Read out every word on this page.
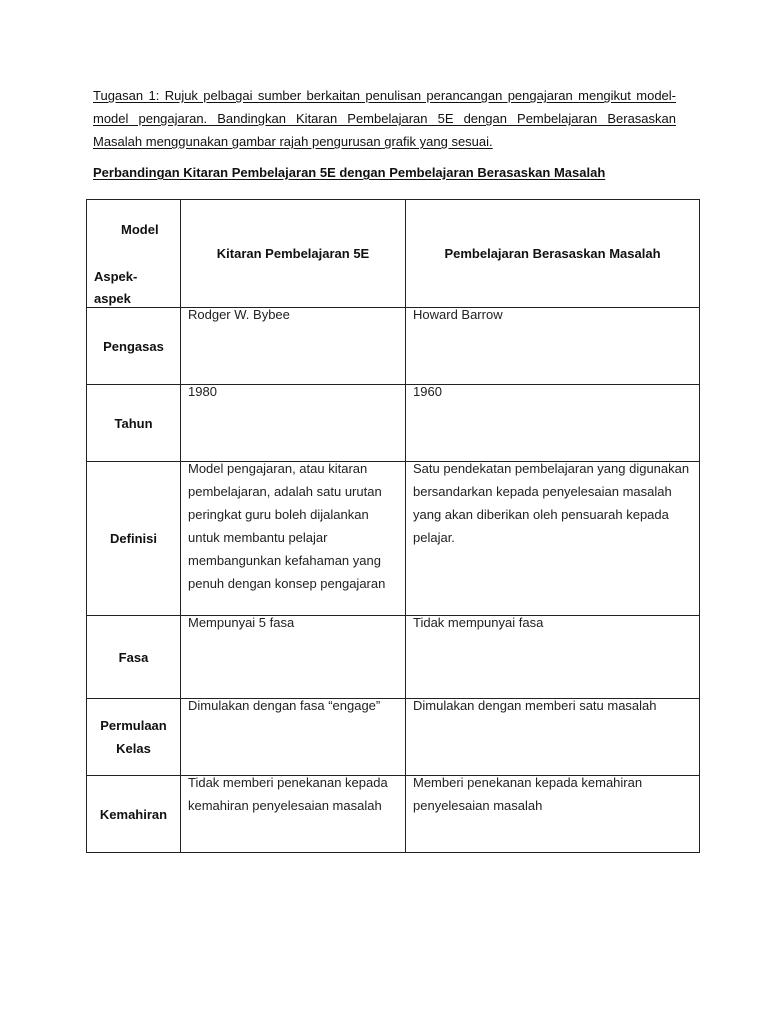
Tugasan 1: Rujuk pelbagai sumber berkaitan penulisan perancangan pengajaran mengikut model-model pengajaran. Bandingkan Kitaran Pembelajaran 5E dengan Pembelajaran Berasaskan Masalah menggunakan gambar rajah pengurusan grafik yang sesuai.

Perbandingan Kitaran Pembelajaran 5E dengan Pembelajaran Berasaskan Masalah

Model
Aspek-aspek	Kitaran Pembelajaran 5E	Pembelajaran Berasaskan Masalah
Pengasas	Rodger W. Bybee	Howard Barrow

Tahun	1980	1960

Definisi	Model pengajaran, atau kitaran pembelajaran, adalah satu urutan peringkat guru boleh dijalankan untuk membantu pelajar membangunkan kefahaman yang penuh dengan konsep pengajaran	Satu pendekatan pembelajaran yang digunakan bersandarkan kepada penyelesaian masalah yang akan diberikan oleh pensuarah kepada pelajar.

Fasa	Mempunyai 5 fasa	Tidak mempunyai fasa

Permulaan Kelas	Dimulakan dengan fasa “engage”	Dimulakan dengan memberi satu masalah

Kemahiran	Tidak memberi penekanan kepada kemahiran penyelesaian masalah	Memberi penekanan kepada kemahiran penyelesaian masalah
